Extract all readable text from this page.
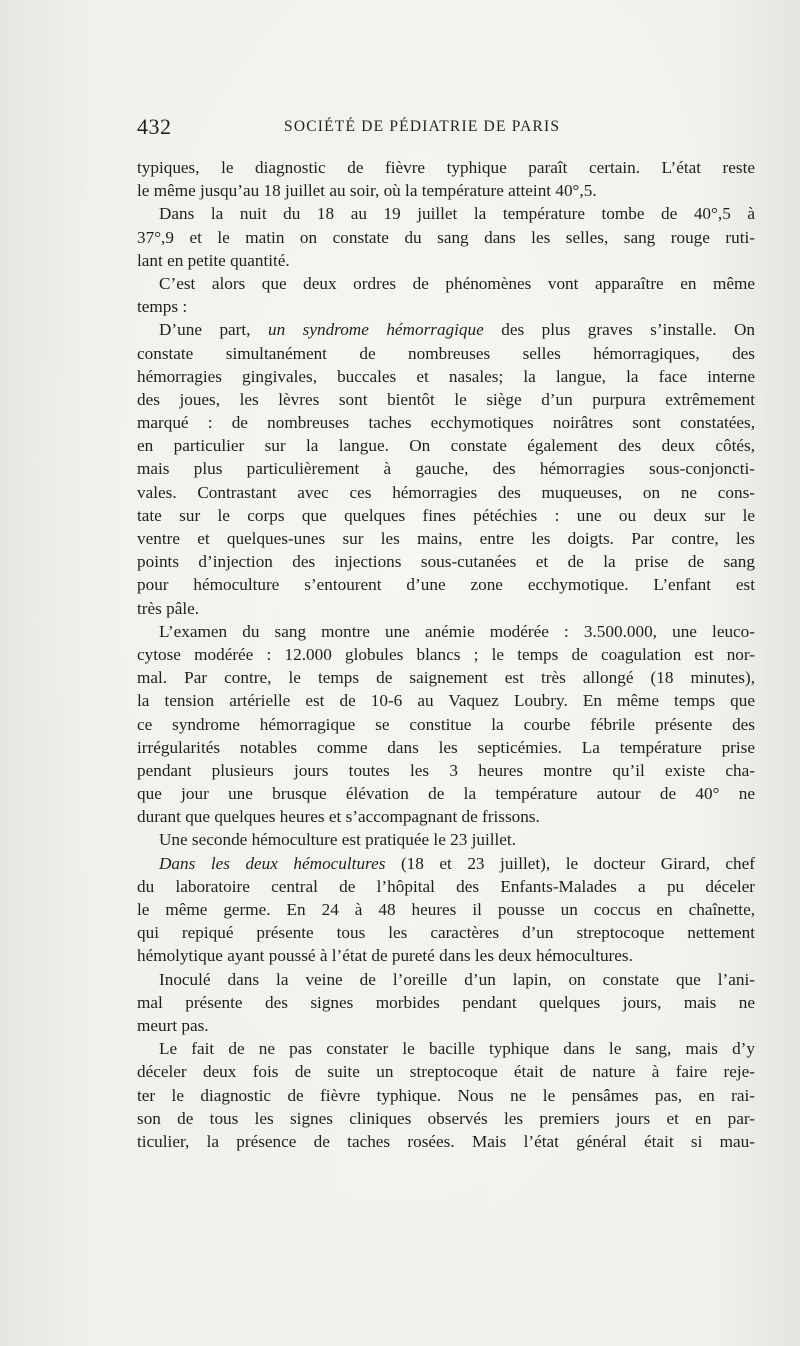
432	SOCIÉTÉ DE PÉDIATRIE DE PARIS
typiques, le diagnostic de fièvre typhique paraît certain. L’état reste
le même jusqu’au 18 juillet au soir, où la température atteint 40°,5.
Dans la nuit du 18 au 19 juillet la température tombe de 40°,5 à
37°,9 et le matin on constate du sang dans les selles, sang rouge ruti-
lant en petite quantité.
C’est alors que deux ordres de phénomènes vont apparaître en même
temps :
D’une part, un syndrome hémorragique des plus graves s’installe. On
constate simultanément de nombreuses selles hémorragiques, des
hémorragies gingivales, buccales et nasales; la langue, la face interne
des joues, les lèvres sont bientôt le siège d’un purpura extrêmement
marqué : de nombreuses taches ecchymotiques noirâtres sont constatées,
en particulier sur la langue. On constate également des deux côtés,
mais plus particulièrement à gauche, des hémorragies sous-conjoncti-
vales. Contrastant avec ces hémorragies des muqueuses, on ne cons-
tate sur le corps que quelques fines pétéchies : une ou deux sur le
ventre et quelques-unes sur les mains, entre les doigts. Par contre, les
points d’injection des injections sous-cutanées et de la prise de sang
pour hémoculture s’entourent d’une zone ecchymotique. L’enfant est
très pâle.
L’examen du sang montre une anémie modérée : 3.500.000, une leuco-
cytose modérée : 12.000 globules blancs ; le temps de coagulation est nor-
mal. Par contre, le temps de saignement est très allongé (18 minutes),
la tension artérielle est de 10-6 au Vaquez Loubry. En même temps que
ce syndrome hémorragique se constitue la courbe fébrile présente des
irrégularités notables comme dans les septicémies. La température prise
pendant plusieurs jours toutes les 3 heures montre qu’il existe cha-
que jour une brusque élévation de la température autour de 40° ne
durant que quelques heures et s’accompagnant de frissons.
Une seconde hémoculture est pratiquée le 23 juillet.
Dans les deux hémocultures (18 et 23 juillet), le docteur Girard, chef
du laboratoire central de l’hôpital des Enfants-Malades a pu déceler
le même germe. En 24 à 48 heures il pousse un coccus en chaînette,
qui repiqué présente tous les caractères d’un streptocoque nettement
hémolytique ayant poussé à l’état de pureté dans les deux hémocultures.
Inoculé dans la veine de l’oreille d’un lapin, on constate que l’ani-
mal présente des signes morbides pendant quelques jours, mais ne
meurt pas.
Le fait de ne pas constater le bacille typhique dans le sang, mais d’y
déceler deux fois de suite un streptocoque était de nature à faire reje-
ter le diagnostic de fièvre typhique. Nous ne le pensâmes pas, en rai-
son de tous les signes cliniques observés les premiers jours et en par-
ticulier, la présence de taches rosées. Mais l’état général était si mau-
